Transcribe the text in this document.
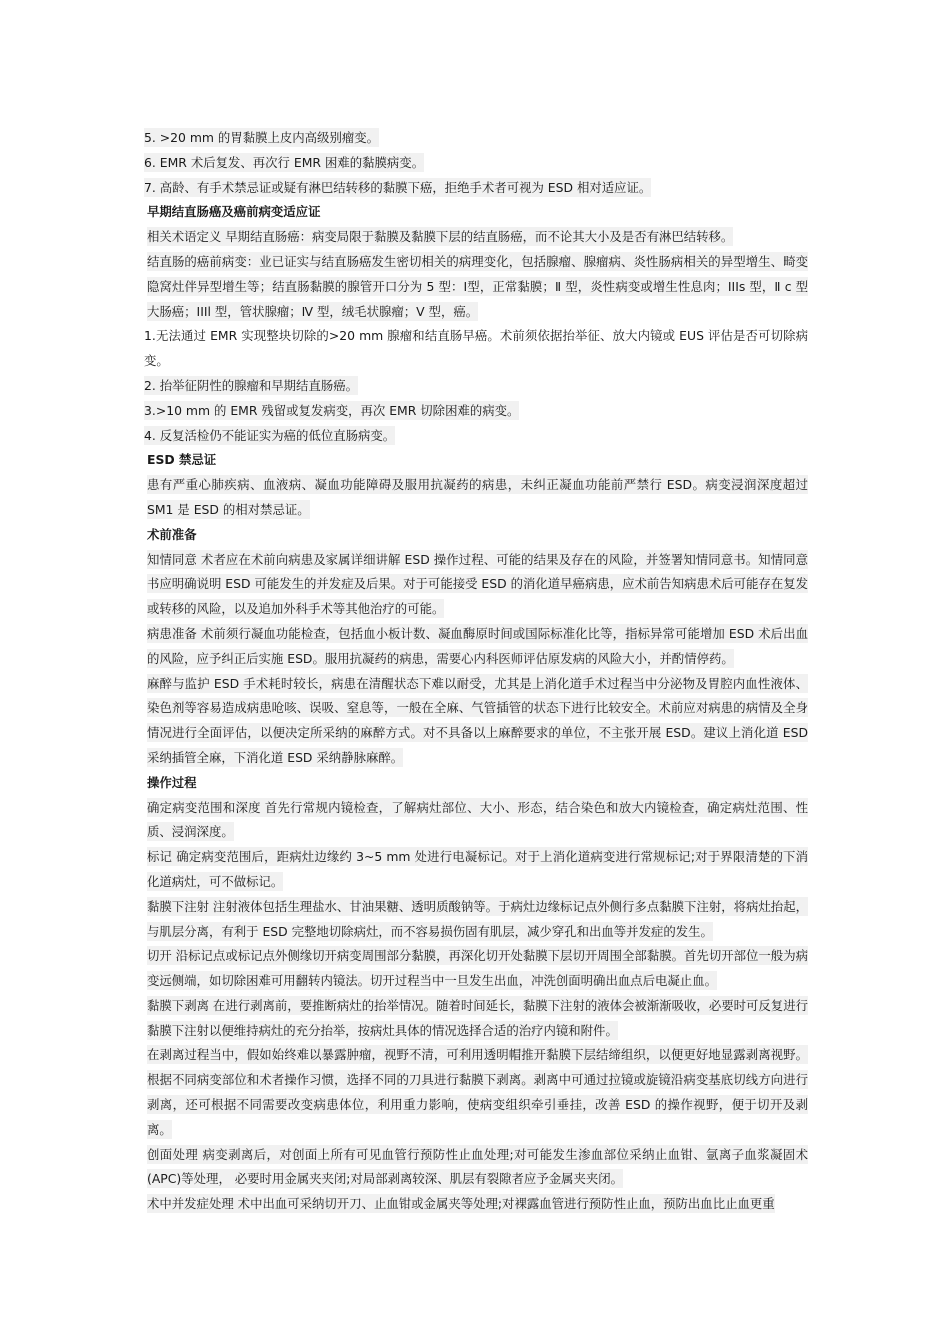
5. >20 mm 的胃黏膜上皮内高级别瘤变。

6. EMR 术后复发、再次行 EMR 困难的黏膜病变。

7. 高龄、有手术禁忌证或疑有淋巴结转移的黏膜下癌，拒绝手术者可视为 ESD 相对适应证。

早期结直肠癌及癌前病变适应证

相关术语定义 早期结直肠癌：病变局限于黏膜及黏膜下层的结直肠癌，而不论其大小及是否有淋巴结转移。

结直肠的癌前病变：业已证实与结直肠癌发生密切相关的病理变化，包括腺瘤、腺瘤病、炎性肠病相关的异型增生、畸变隐窝灶伴异型增生等；结直肠黏膜的腺管开口分为 5 型：Ⅰ型，正常黏膜；Ⅱ 型，炎性病变或增生性息肉；IIIs 型，Ⅱ c 型大肠癌；IIIl 型，管状腺瘤；Ⅳ 型，绒毛状腺瘤；Ⅴ 型，癌。

1.无法通过 EMR 实现整块切除的>20 mm 腺瘤和结直肠早癌。术前须依据抬举征、放大内镜或 EUS 评估是否可切除病变。

2. 抬举征阴性的腺瘤和早期结直肠癌。

3.>10 mm 的 EMR 残留或复发病变，再次 EMR 切除困难的病变。

4. 反复活检仍不能证实为癌的低位直肠病变。

ESD 禁忌证

患有严重心肺疾病、血液病、凝血功能障碍及服用抗凝药的病患，未纠正凝血功能前严禁行 ESD。病变浸润深度超过 SM1 是 ESD 的相对禁忌证。

术前准备

知情同意 术者应在术前向病患及家属详细讲解 ESD 操作过程、可能的结果及存在的风险，并签署知情同意书。知情同意书应明确说明 ESD 可能发生的并发症及后果。对于可能接受 ESD 的消化道早癌病患，应术前告知病患术后可能存在复发或转移的风险，以及追加外科手术等其他治疗的可能。

病患准备 术前须行凝血功能检查，包括血小板计数、凝血酶原时间或国际标准化比等，指标异常可能增加 ESD 术后出血的风险，应予纠正后实施 ESD。服用抗凝药的病患，需要心内科医师评估原发病的风险大小，并酌情停药。

麻醉与监护 ESD 手术耗时较长，病患在清醒状态下难以耐受，尤其是上消化道手术过程当中分泌物及胃腔内血性液体、染色剂等容易造成病患呛咳、误吸、窒息等，一般在全麻、气管插管的状态下进行比较安全。术前应对病患的病情及全身情况进行全面评估，以便决定所采纳的麻醉方式。对不具备以上麻醉要求的单位，不主张开展 ESD。建议上消化道 ESD 采纳插管全麻，下消化道 ESD 采纳静脉麻醉。

操作过程

确定病变范围和深度 首先行常规内镜检查，了解病灶部位、大小、形态，结合染色和放大内镜检查，确定病灶范围、性质、浸润深度。

标记 确定病变范围后，距病灶边缘约 3~5 mm 处进行电凝标记。对于上消化道病变进行常规标记;对于界限清楚的下消化道病灶，可不做标记。

黏膜下注射 注射液体包括生理盐水、甘油果糖、透明质酸钠等。于病灶边缘标记点外侧行多点黏膜下注射，将病灶抬起，与肌层分离，有利于 ESD 完整地切除病灶，而不容易损伤固有肌层，减少穿孔和出血等并发症的发生。

切开 沿标记点或标记点外侧缘切开病变周围部分黏膜，再深化切开处黏膜下层切开周围全部黏膜。首先切开部位一般为病变远侧端，如切除困难可用翻转内镜法。切开过程当中一旦发生出血，冲洗创面明确出血点后电凝止血。

黏膜下剥离 在进行剥离前，要推断病灶的抬举情况。随着时间延长，黏膜下注射的液体会被渐渐吸收，必要时可反复进行黏膜下注射以便维持病灶的充分抬举，按病灶具体的情况选择合适的治疗内镜和附件。

在剥离过程当中，假如始终难以暴露肿瘤，视野不清，可利用透明帽推开黏膜下层结缔组织，以便更好地显露剥离视野。 根据不同病变部位和术者操作习惯，选择不同的刀具进行黏膜下剥离。剥离中可通过拉镜或旋镜沿病变基底切线方向进行剥离，还可根据不同需要改变病患体位，利用重力影响，使病变组织牵引垂挂，改善 ESD 的操作视野，便于切开及剥离。

创面处理 病变剥离后，对创面上所有可见血管行预防性止血处理;对可能发生渗血部位采纳止血钳、氩离子血浆凝固术(APC)等处理， 必要时用金属夹夹闭;对局部剥离较深、肌层有裂隙者应予金属夹夹闭。

术中并发症处理 术中出血可采纳切开刀、止血钳或金属夹等处理;对裸露血管进行预防性止血，预防出血比止血更重
